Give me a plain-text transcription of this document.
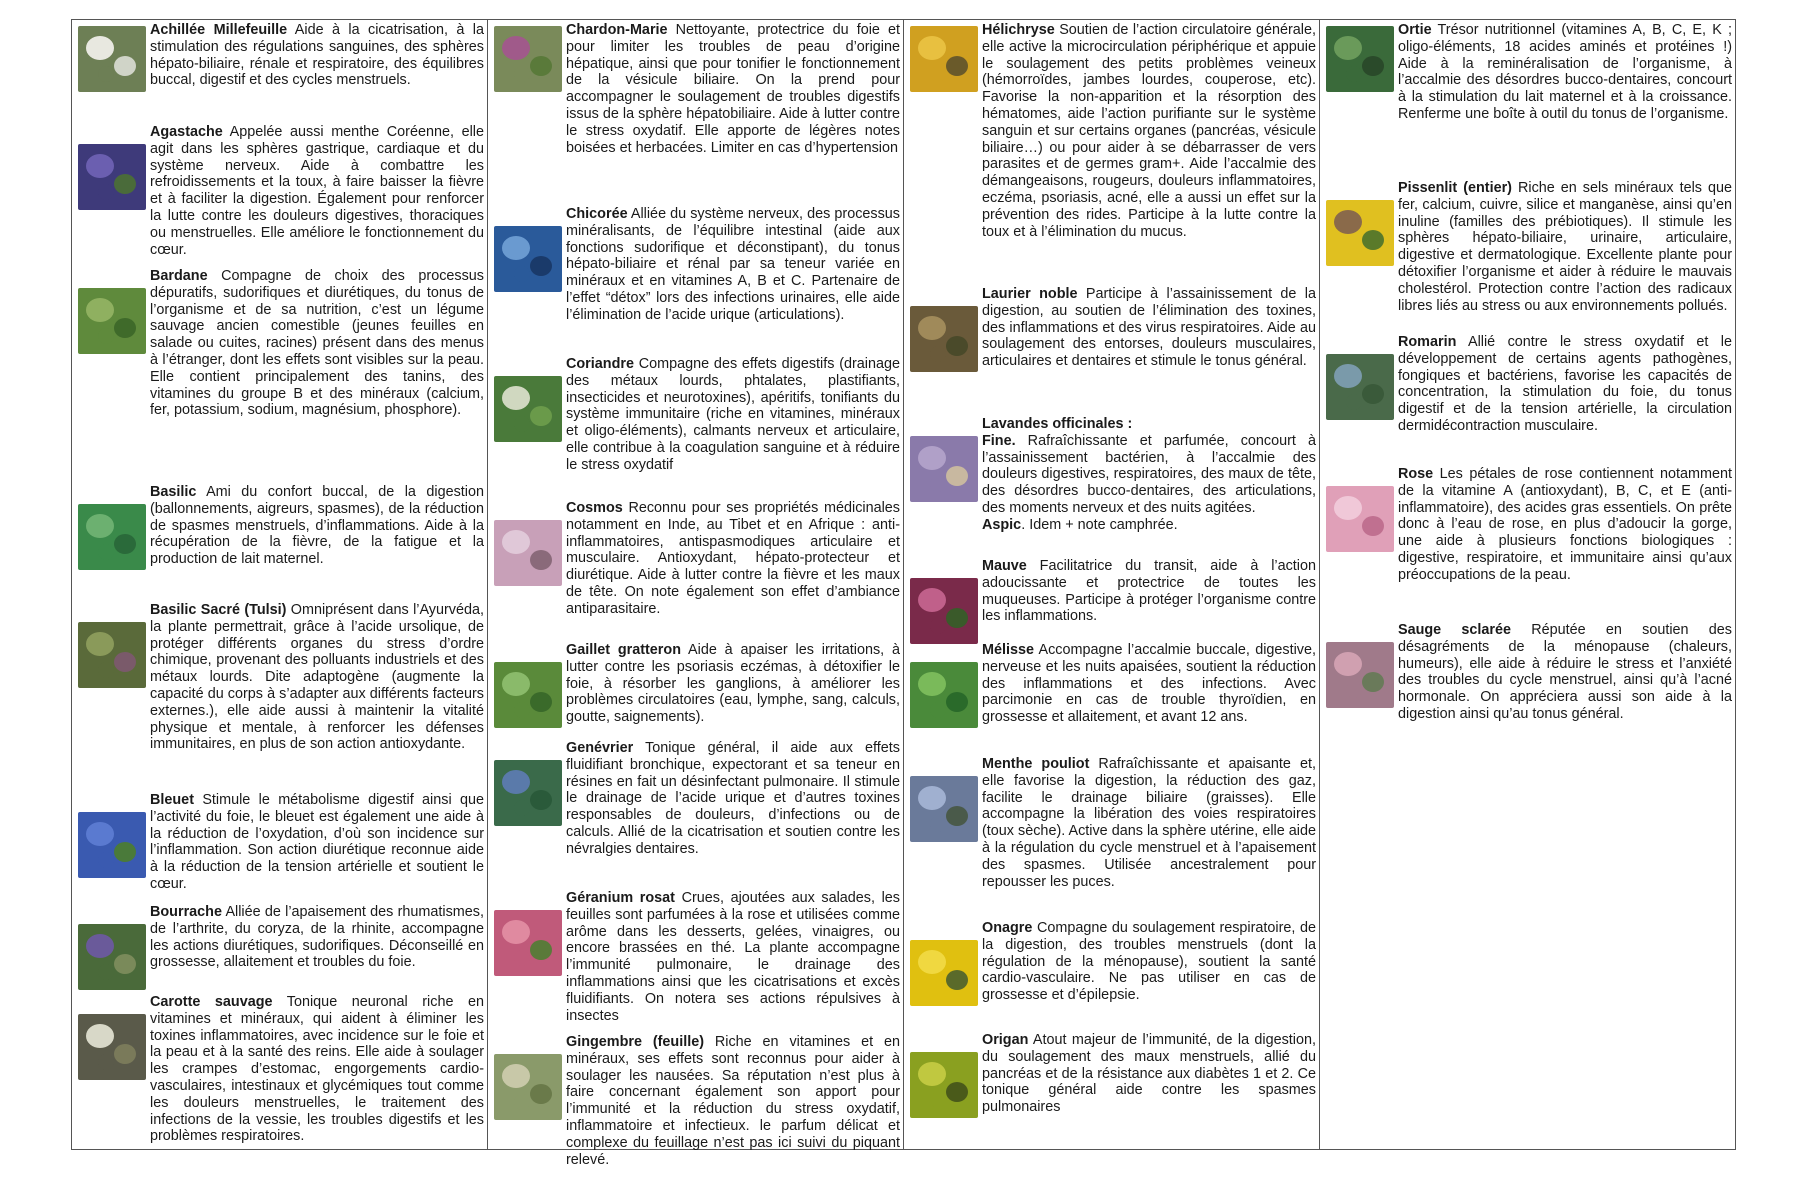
Achillée Millefeuille Aide à la cicatrisation, à la stimulation des régulations sanguines, des sphères hépato-biliaire, rénale et respiratoire, des équilibres buccal, digestif et des cycles menstruels.
Agastache Appelée aussi menthe Coréenne, elle agit dans les sphères gastrique, cardiaque et du système nerveux. Aide à combattre les refroidissements et la toux, à faire baisser la fièvre et à faciliter la digestion. Également pour renforcer la lutte contre les douleurs digestives, thoraciques ou menstruelles. Elle améliore le fonctionnement du cœur.
Bardane Compagne de choix des processus dépuratifs, sudorifiques et diurétiques, du tonus de l’organisme et de sa nutrition, c’est un légume sauvage ancien comestible (jeunes feuilles en salade ou cuites, racines) présent dans des menus à l’étranger, dont les effets sont visibles sur la peau. Elle contient principalement des tanins, des vitamines du groupe B et des minéraux (calcium, fer, potassium, sodium, magnésium, phosphore).
Basilic Ami du confort buccal, de la digestion (ballonnements, aigreurs, spasmes), de la réduction de spasmes menstruels, d’inflammations. Aide à la récupération de la fièvre, de la fatigue et la production de lait maternel.
Basilic Sacré (Tulsi) Omniprésent dans l’Ayurvéda, la plante permettrait, grâce à l’acide ursolique, de protéger différents organes du stress d’ordre chimique, provenant des polluants industriels et des métaux lourds. Dite adaptogène (augmente la capacité du corps à s’adapter aux différents facteurs externes.), elle aide aussi à maintenir la vitalité physique et mentale, à renforcer les défenses immunitaires, en plus de son action antioxydante.
Bleuet Stimule le métabolisme digestif ainsi que l’activité du foie, le bleuet est également une aide à la réduction de l’oxydation, d’où son incidence sur l’inflammation. Son action diurétique reconnue aide à la réduction de la tension artérielle et soutient le cœur.
Bourrache Alliée de l’apaisement des rhumatismes, de l’arthrite, du coryza, de la rhinite, accompagne les actions diurétiques, sudorifiques. Déconseillé en grossesse, allaitement et troubles du foie.
Carotte sauvage Tonique neuronal riche en vitamines et minéraux, qui aident à éliminer les toxines inflammatoires, avec incidence sur le foie et la peau et à la santé des reins. Elle aide à soulager les crampes d’estomac, engorgements cardio-vasculaires, intestinaux et glycémiques tout comme les douleurs menstruelles, le traitement des infections de la vessie, les troubles digestifs et les problèmes respiratoires.
Chardon-Marie Nettoyante, protectrice du foie et pour limiter les troubles de peau d’origine hépatique, ainsi que pour tonifier le fonctionnement de la vésicule biliaire. On la prend pour accompagner le soulagement de troubles digestifs issus de la sphère hépatobiliaire. Aide à lutter contre le stress oxydatif. Elle apporte de légères notes boisées et herbacées. Limiter en cas d’hypertension
Chicorée Alliée du système nerveux, des processus minéralisants, de l’équilibre intestinal (aide aux fonctions sudorifique et déconstipant), du tonus hépato-biliaire et rénal par sa teneur variée en minéraux et en vitamines A, B et C. Partenaire de l’effet “détox” lors des infections urinaires, elle aide l’élimination de l’acide urique (articulations).
Coriandre Compagne des effets digestifs (drainage des métaux lourds, phtalates, plastifiants, insecticides et neurotoxines), apéritifs, tonifiants du système immunitaire (riche en vitamines, minéraux et oligo-éléments), calmants nerveux et articulaire, elle contribue à la coagulation sanguine et à réduire le stress oxydatif
Cosmos Reconnu pour ses propriétés médicinales notamment en Inde, au Tibet et en Afrique : anti-inflammatoires, antispasmodiques articulaire et musculaire. Antioxydant, hépato-protecteur et diurétique. Aide à lutter contre la fièvre et les maux de tête. On note également son effet d’ambiance antiparasitaire.
Gaillet gratteron Aide à apaiser les irritations, à lutter contre les psoriasis eczémas, à détoxifier le foie, à résorber les ganglions, à améliorer les problèmes circulatoires (eau, lymphe, sang, calculs, goutte, saignements).
Genévrier Tonique général, il aide aux effets fluidifiant bronchique, expectorant et sa teneur en résines en fait un désinfectant pulmonaire. Il stimule le drainage de l’acide urique et d’autres toxines responsables de douleurs, d’infections ou de calculs. Allié de la cicatrisation et soutien contre les névralgies dentaires.
Géranium rosat Crues, ajoutées aux salades, les feuilles sont parfumées à la rose et utilisées comme arôme dans les desserts, gelées, vinaigres, ou encore brassées en thé. La plante accompagne l’immunité pulmonaire, le drainage des inflammations ainsi que les cicatrisations et excès fluidifiants. On notera ses actions répulsives à insectes
Gingembre (feuille) Riche en vitamines et en minéraux, ses effets sont reconnus pour aider à soulager les nausées. Sa réputation n’est plus à faire concernant également son apport pour l’immunité et la réduction du stress oxydatif, inflammatoire et infectieux. le parfum délicat et complexe du feuillage n’est pas ici suivi du piquant relevé.
Hélichryse Soutien de l’action circulatoire générale, elle active la microcirculation périphérique et appuie le soulagement des petits problèmes veineux (hémorroïdes, jambes lourdes, couperose, etc). Favorise la non-apparition et la résorption des hématomes, aide l’action purifiante sur le système sanguin et sur certains organes (pancréas, vésicule biliaire…) ou pour aider à se débarrasser de vers parasites et de germes gram+. Aide l’accalmie des démangeaisons, rougeurs, douleurs inflammatoires, eczéma, psoriasis, acné, elle a aussi un effet sur la prévention des rides. Participe à la lutte contre la toux et à l’élimination du mucus.
Laurier noble Participe à l’assainissement de la digestion, au soutien de l’élimination des toxines, des inflammations et des virus respiratoires. Aide au soulagement des entorses, douleurs musculaires, articulaires et dentaires et stimule le tonus général.
Lavandes officinales :
Fine. Rafraîchissante et parfumée, concourt à l’assainissement bactérien, à l’accalmie des douleurs digestives, respiratoires, des maux de tête, des désordres bucco-dentaires, des articulations, des moments nerveux et des nuits agitées.
Aspic. Idem + note camphrée.
Mauve Facilitatrice du transit, aide à l’action adoucissante et protectrice de toutes les muqueuses. Participe à protéger l’organisme contre les inflammations.
Mélisse Accompagne l’accalmie buccale, digestive, nerveuse et les nuits apaisées, soutient la réduction des inflammations et des infections. Avec parcimonie en cas de trouble thyroïdien, en grossesse et allaitement, et avant 12 ans.
Menthe pouliot Rafraîchissante et apaisante et, elle favorise la digestion, la réduction des gaz, facilite le drainage biliaire (graisses). Elle accompagne la libération des voies respiratoires (toux sèche). Active dans la sphère utérine, elle aide à la régulation du cycle menstruel et à l’apaisement des spasmes. Utilisée ancestralement pour repousser les puces.
Onagre Compagne du soulagement respiratoire, de la digestion, des troubles menstruels (dont la régulation de la ménopause), soutient la santé cardio-vasculaire. Ne pas utiliser en cas de grossesse et d’épilepsie.
Origan Atout majeur de l’immunité, de la digestion, du soulagement des maux menstruels, allié du pancréas et de la résistance aux diabètes 1 et 2. Ce tonique général aide contre les spasmes pulmonaires
Ortie Trésor nutritionnel (vitamines A, B, C, E, K ; oligo-éléments, 18 acides aminés et protéines !) Aide à la reminéralisation de l’organisme, à l’accalmie des désordres bucco-dentaires, concourt à la stimulation du lait maternel et à la croissance. Renferme une boîte à outil du tonus de l’organisme.
Pissenlit (entier) Riche en sels minéraux tels que fer, calcium, cuivre, silice et manganèse, ainsi qu’en inuline (familles des prébiotiques). Il stimule les sphères hépato-biliaire, urinaire, articulaire, digestive et dermatologique. Excellente plante pour détoxifier l’organisme et aider à réduire le mauvais cholestérol. Protection contre l’action des radicaux libres liés au stress ou aux environnements pollués.
Romarin Allié contre le stress oxydatif et le développement de certains agents pathogènes, fongiques et bactériens, favorise les capacités de concentration, la stimulation du foie, du tonus digestif et de la tension artérielle, la circulation dermidécontraction musculaire.
Rose Les pétales de rose contiennent notamment de la vitamine A (antioxydant), B, C, et E (anti-inflammatoire), des acides gras essentiels. On prête donc à l’eau de rose, en plus d’adoucir la gorge, une aide à plusieurs fonctions biologiques : digestive, respiratoire, et immunitaire ainsi qu’aux préoccupations de la peau.
Sauge sclarée Réputée en soutien des désagréments de la ménopause (chaleurs, humeurs), elle aide à réduire le stress et l’anxiété des troubles du cycle menstruel, ainsi qu’à l’acné hormonale. On appréciera aussi son aide à la digestion ainsi qu’au tonus général.
